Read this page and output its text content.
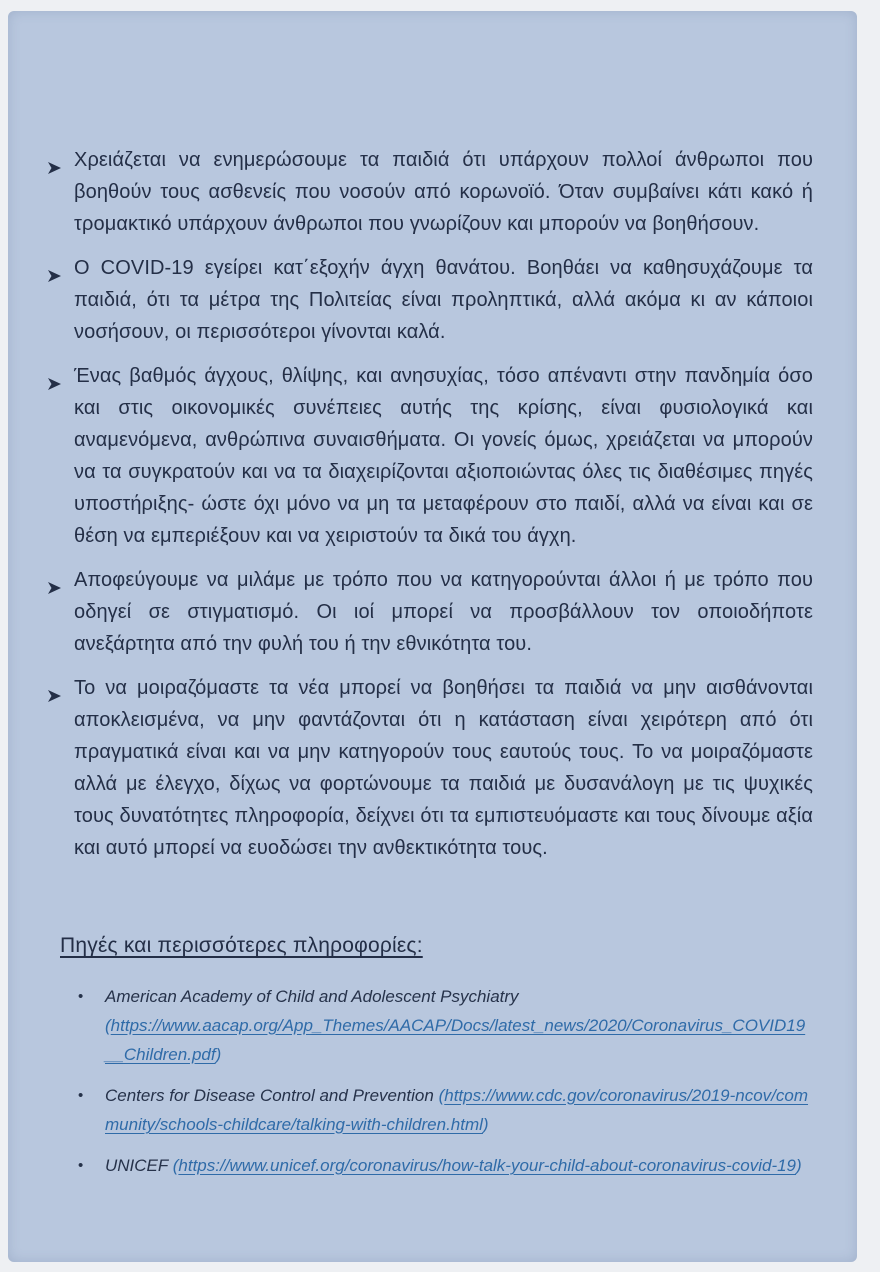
Χρειάζεται να ενημερώσουμε τα παιδιά ότι υπάρχουν πολλοί άνθρωποι που βοηθούν τους ασθενείς που νοσούν από κορωνοϊό. Όταν συμβαίνει κάτι κακό ή τρομακτικό υπάρχουν άνθρωποι που γνωρίζουν και μπορούν να βοηθήσουν.

Ο COVID-19 εγείρει κατ΄εξοχήν άγχη θανάτου. Βοηθάει να καθησυχάζουμε τα παιδιά, ότι τα μέτρα της Πολιτείας είναι προληπτικά, αλλά ακόμα κι αν κάποιοι νοσήσουν, οι περισσότεροι γίνονται καλά.

Ένας βαθμός άγχους, θλίψης, και ανησυχίας, τόσο απέναντι στην πανδημία όσο και στις οικονομικές συνέπειες αυτής της κρίσης, είναι φυσιολογικά και αναμενόμενα, ανθρώπινα συναισθήματα. Οι γονείς όμως, χρειάζεται να μπορούν να τα συγκρατούν και να τα διαχειρίζονται αξιοποιώντας όλες τις διαθέσιμες πηγές υποστήριξης- ώστε όχι μόνο να μη τα μεταφέρουν στο παιδί, αλλά να είναι και σε θέση να εμπεριέξουν και να χειριστούν τα δικά του άγχη.

Αποφεύγουμε να μιλάμε με τρόπο που να κατηγορούνται άλλοι ή με τρόπο που οδηγεί σε στιγματισμό. Οι ιοί μπορεί να προσβάλλουν τον οποιοδήποτε ανεξάρτητα από την φυλή του ή την εθνικότητα του.

Το να μοιραζόμαστε τα νέα μπορεί να βοηθήσει τα παιδιά να μην αισθάνονται αποκλεισμένα, να μην φαντάζονται ότι η κατάσταση είναι χειρότερη από ότι πραγματικά είναι και να μην κατηγορούν τους εαυτούς τους. Το να μοιραζόμαστε αλλά με έλεγχο, δίχως να φορτώνουμε τα παιδιά με δυσανάλογη με τις ψυχικές τους δυνατότητες πληροφορία, δείχνει ότι τα εμπιστευόμαστε και τους δίνουμε αξία και αυτό μπορεί να ευοδώσει την ανθεκτικότητα τους.

Πηγές και περισσότερες πληροφορίες:
• American Academy of Child and Adolescent Psychiatry (https://www.aacap.org/App_Themes/AACAP/Docs/latest_news/2020/Coronavirus_COVID19__Children.pdf)
• Centers for Disease Control and Prevention (https://www.cdc.gov/coronavirus/2019-ncov/community/schools-childcare/talking-with-children.html)
• UNICEF (https://www.unicef.org/coronavirus/how-talk-your-child-about-coronavirus-covid-19)
